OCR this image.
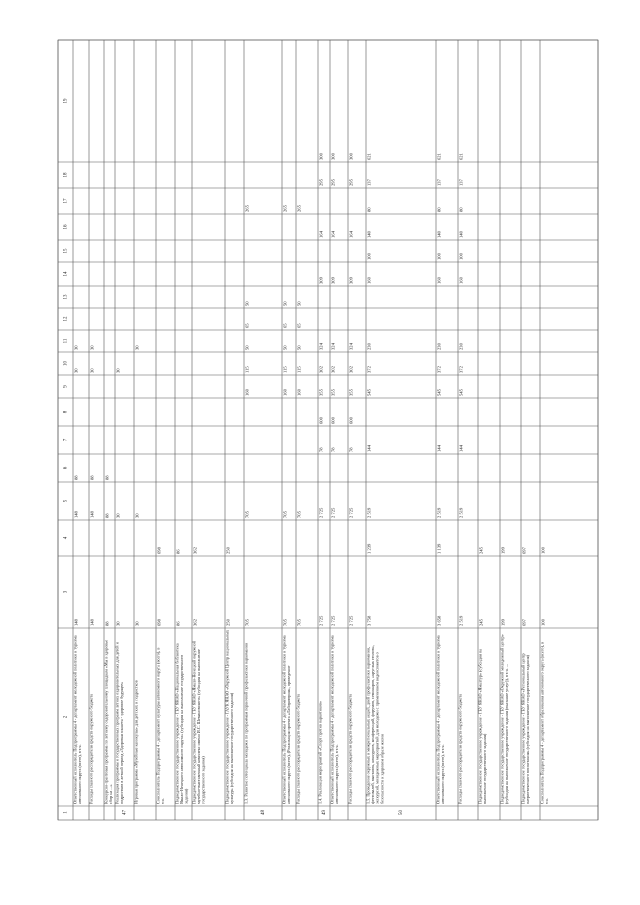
1
2
3
4
5
6
7
8
9
10
11
12
13
14
15
16
17
18
19
Ответственный исполнитель Подпрограммы 4 - департамент молодежной политики и туризма автономного округа (всего), в т.ч.
148
148
88
30
30
Расходы главного распорядителя средств окружного бюджета
148
148
88
30
30
Конкурсно-грантовая программа по летнему оздоровительному площадкам «Мы в здоровье сбор на ...»
88
88
88
47
Реализация программы и государственных программ летних оздоровительных для детей и подростков в летний период «Здоровая планета - здоровое будущее»
30
30
30
Игровая программа «Музейные каникулы» для детских и подростков
30
30
30
Соисполнитель Подпрограммы 4 - департамент культуры автономного округа (всего), в т.ч.
698
698
Подведомственное государственное учреждение - ГБУ ЯНАО «Национальная библиотека Ямало-Ненецкого автономного округа» (субсидия на выполнение государственного задания)
86
86
Подведомственное государственное учреждение - ГБУ ЯНАО «Ямало-Ненецкий окружной музейно-выставочный комплекс имени И.С. Шемановского» (субсидия на выполнение государственного задания)
362
362
Подведомственное государственное учреждение - ГАУК ЯНАО «Окружной Центр национальных культур» (субсидия на выполнение государственного задания)
250
250
48
1.3. Развитие потенциала молодежи по программам первичной профилактики наркомании
705
705
160
115
50
65
50
265
Ответственный исполнитель Подпрограммы 4 - департамент молодежной политики и туризма автономного округа (всего), (Реализация проекта «Лаборатория», проведение
705
705
160
115
50
65
50
265
Расходы главного распорядителя средств окружного бюджета
705
705
160
115
50
65
50
265
49
1.4. Реализация мероприятий «Спорт против наркотиков»
2 725
2 725
78
600
355
302
324
309
164
295
300
Ответственный исполнитель Подпрограммы 4 - департамент молодежной политики и туризма автономного округа (всего), в т.ч.
2 725
2 725
78
600
355
302
324
309
164
295
300
Расходы главного распорядителя средств окружного бюджета
2 725
2 725
78
600
355
302
324
309
164
295
300
50
1.5. Проведение окружных и межрегиональных акций, дней профилактики наркомании, фестивалей, выставок, конкурсов, конференций, форумов, семинаров, «круглых столов», экскурсий, молодежных мероприятий для молодежи с применением видеосюжетов о безопасности и здоровом образе жизни
3 758
1 239
2 519
144
545
372
230
160
100
140
80
137
621
Ответственный исполнитель Подпрограммы 4 - департамент молодежной политики и туризма автономного округа (всего), в т.ч.
3 658
1 139
2 519
144
545
372
230
160
100
140
80
137
621
Расходы главного распорядителя средств окружного бюджета
2 519
2 519
144
545
372
230
160
100
140
80
137
621
Подведомственное государственное учреждение - ГБУ ЯНАО «Ямалтур» (субсидия на выполнение государственного задания)
245
245
Подведомственное государственное учреждение - ГБУ ЯНАО «Окружной молодежный центр» (субсидия на выполнение государственного задания (оказание услуг)), в т.ч. ...
199
199
Подведомственное государственное учреждение - ГБУ ЯНАО «Региональный центр патриотического воспитания» (субсидия на выполнение государственного задания)
697
697
Соисполнитель Подпрограммы 4 - департамент образования автономного округа (всего), в т.ч.
100
100
